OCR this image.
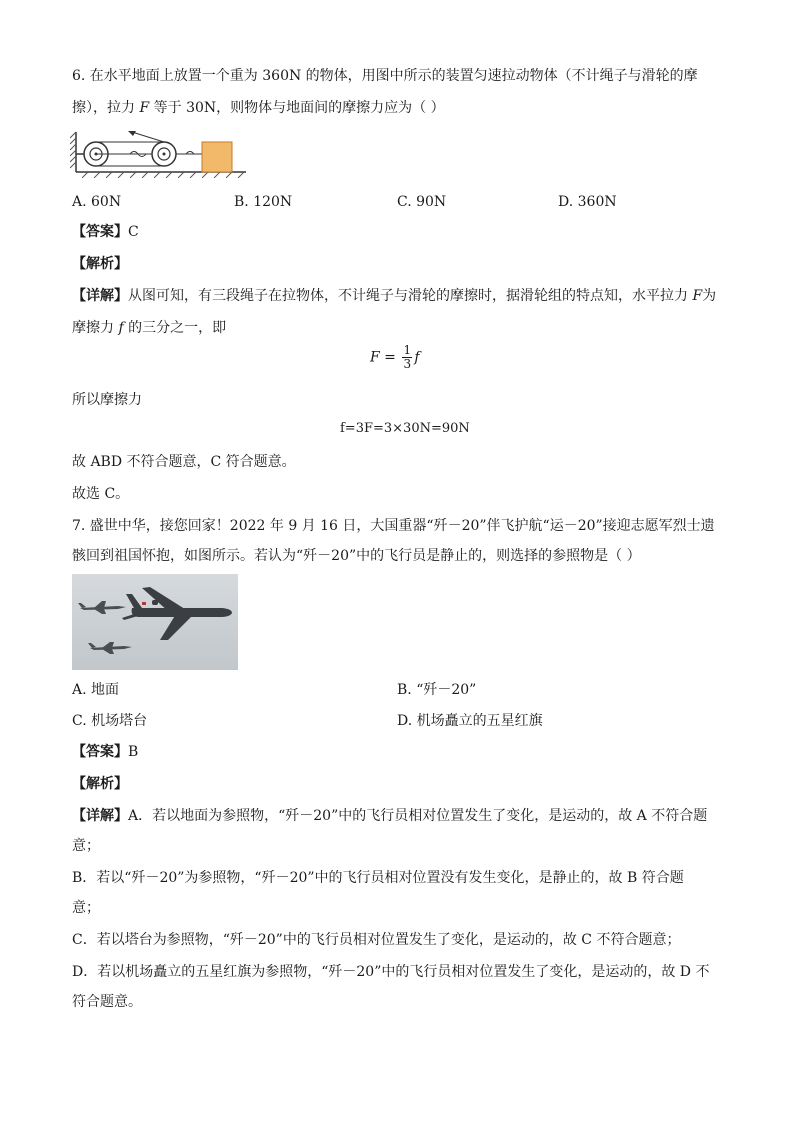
6. 在水平地面上放置一个重为 360N 的物体，用图中所示的装置匀速拉动物体（不计绳子与滑轮的摩
擦），拉力 F 等于 30N，则物体与地面间的摩擦力应为（ ）
A. 60N	B. 120N	C. 90N	D. 360N
【答案】C
【解析】
【详解】从图可知，有三段绳子在拉物体，不计绳子与滑轮的摩擦时，据滑轮组的特点知，水平拉力 F为
摩擦力 f 的三分之一，即
$F = \frac{1}{3}$ f
所以摩擦力
f=3F=3×30N=90N
故 ABD 不符合题意，C 符合题意。
故选 C。
7. 盛世中华，接您回家！2022 年 9 月 16 日，大国重器“歼－20”伴飞护航“运－20”接迎志愿军烈士遗
骸回到祖国怀抱，如图所示。若认为“歼－20”中的飞行员是静止的，则选择的参照物是（ ）
A. 地面	B. “歼－20”
C. 机场塔台	D. 机场矗立的五星红旗
【答案】B
【解析】
【详解】A．若以地面为参照物，“歼－20”中的飞行员相对位置发生了变化，是运动的，故 A 不符合题
意；
B．若以“歼－20”为参照物，“歼－20”中的飞行员相对位置没有发生变化，是静止的，故 B 符合题
意；
C．若以塔台为参照物，“歼－20”中的飞行员相对位置发生了变化，是运动的，故 C 不符合题意；
D．若以机场矗立的五星红旗为参照物，“歼－20”中的飞行员相对位置发生了变化，是运动的，故 D 不
符合题意。
